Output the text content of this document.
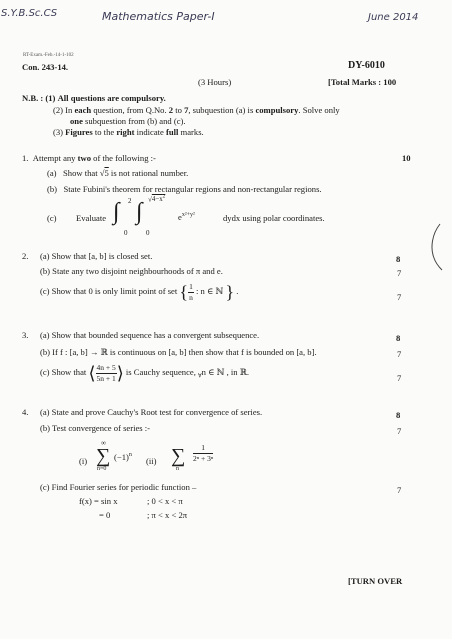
S.Y.B.Sc.CS	Mathematics Paper-I	June 2014
RT-Exam.-Feb.-14-1-102
Con. 243-14.	DY-6010
(3 Hours)	[Total Marks : 100
N.B. : (1) All questions are compulsory.
(2) In each question, from Q.No. 2 to 7, subquestion (a) is compulsory. Solve only
one subquestion from (b) and (c).
(3) Figures to the right indicate full marks.
1. Attempt any two of the following :-	10
(a) Show that √5 is not rational number.
(b) State Fubini's theorem for rectangular regions and non-rectangular regions.
(c) Evaluate ∫ 2
0
∫ $√4-x^2$
0
$e^{x^2+y^2}$	dydx using polar coordinates.
2. (a) Show that [a, b] is closed set.	8
(b) State any two disjoint neighbourhoods of π and e.	7
(c) Show that 0 is only limit point of set { $\frac{1}{n}$ : n ∈ ℕ } .
7
3. (a) Show that bounded sequence has a convergent subsequence.	8
(b) If f : [a, b] → ℝ is continuous on [a, b] then show that f is bounded on [a, b].	7
(c) Show that ⟨ $\frac{4n + 5}{5n + 1}$ ⟩ is Cauchy sequence, $_\forall$n ∈ ℕ , in ℝ.
7
4. (a) State and prove Cauchy's Root test for convergence of series.	8
(b) Test convergence of series :-	7
(i)
∞
∑
n=0
$(-1)^n$
(ii) ∑
n
$\frac{1}{\text{2ⁿ + 3ⁿ}}$
(c) Find Fourier series for periodic function –	7
f(x) = sin x	; 0 < x < π
= 0	; π < x < 2π
[TURN OVER
